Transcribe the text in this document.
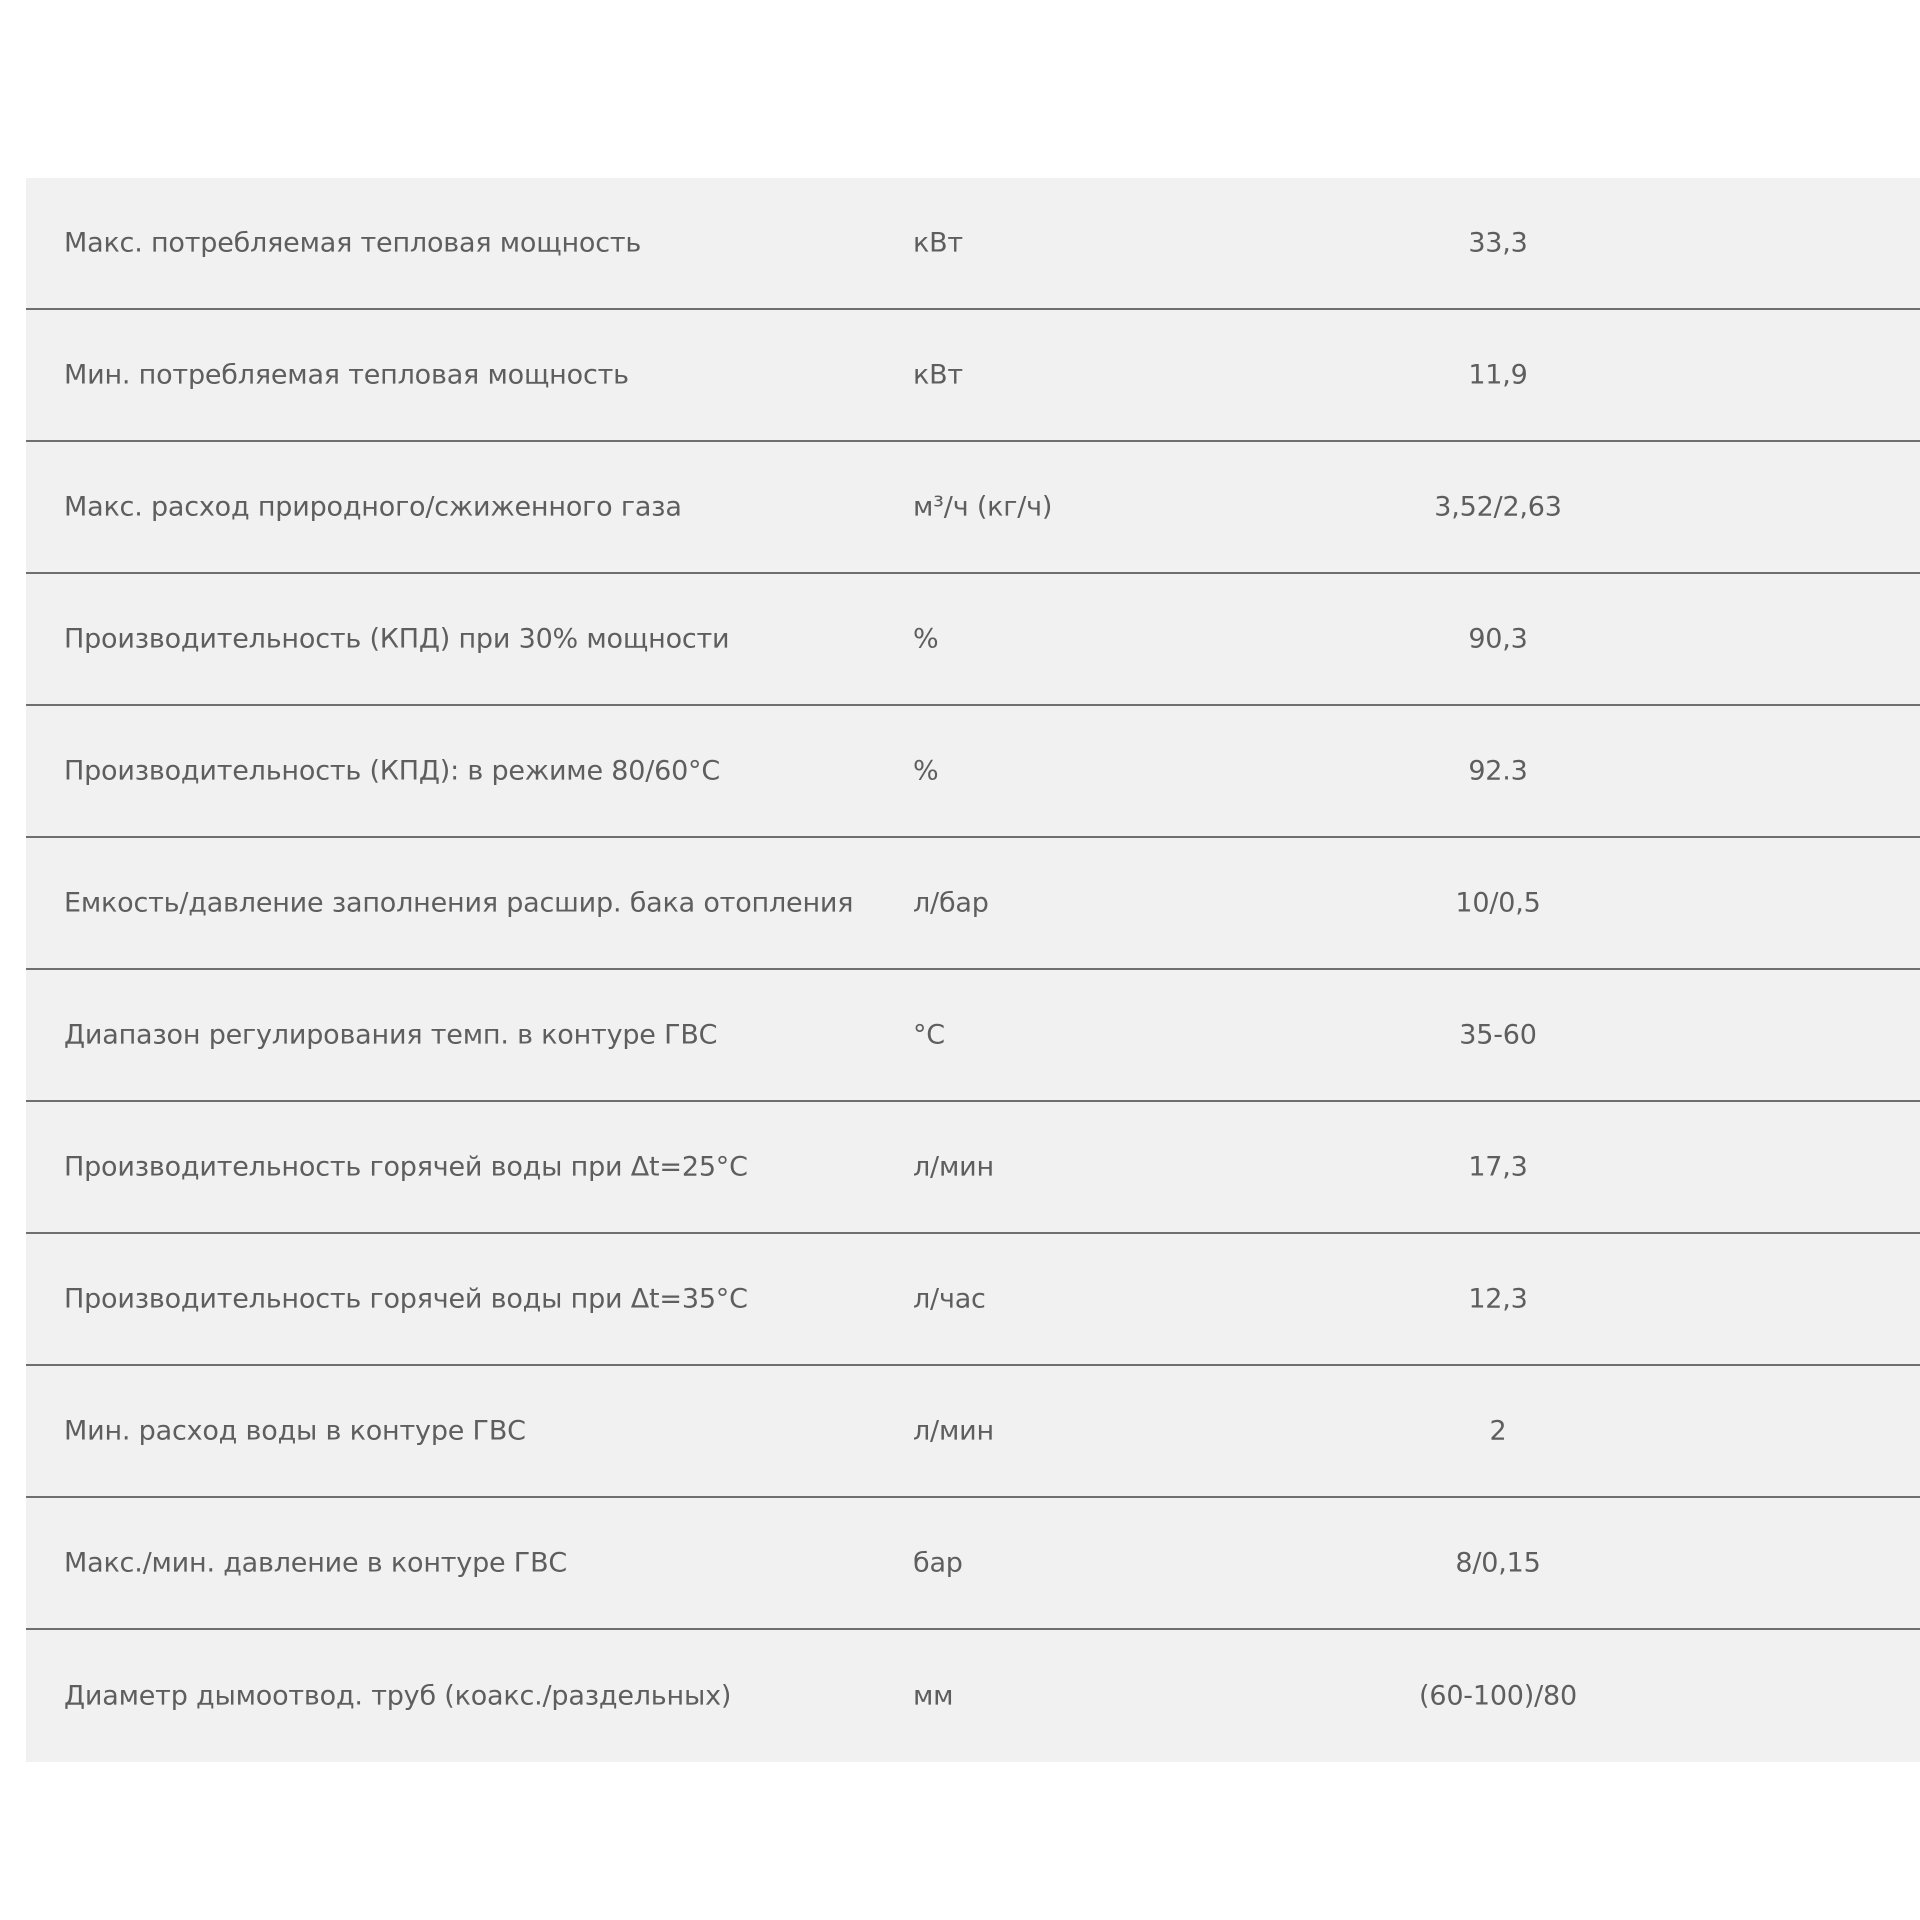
Макс. потребляемая тепловая мощность	кВт	33,3
Мин. потребляемая тепловая мощность	кВт	11,9
Макс. расход природного/сжиженного газа	м³/ч (кг/ч)	3,52/2,63
Производительность (КПД) при 30% мощности	%	90,3
Производительность (КПД): в режиме 80/60°С	%	92.3
Емкость/давление заполнения расшир. бака отопления л/бар	10/0,5
Диапазон регулирования темп. в контуре ГВС	°С	35-60
Производительность горячей воды при Δt=25°С	л/мин	17,3
Производительность горячей воды при Δt=35°С	л/час	12,3
Мин. расход воды в контуре ГВС	л/мин	2
Макс./мин. давление в контуре ГВС	бар	8/0,15
Диаметр дымоотвод. труб (коакс./раздельных)	мм	(60-100)/80
